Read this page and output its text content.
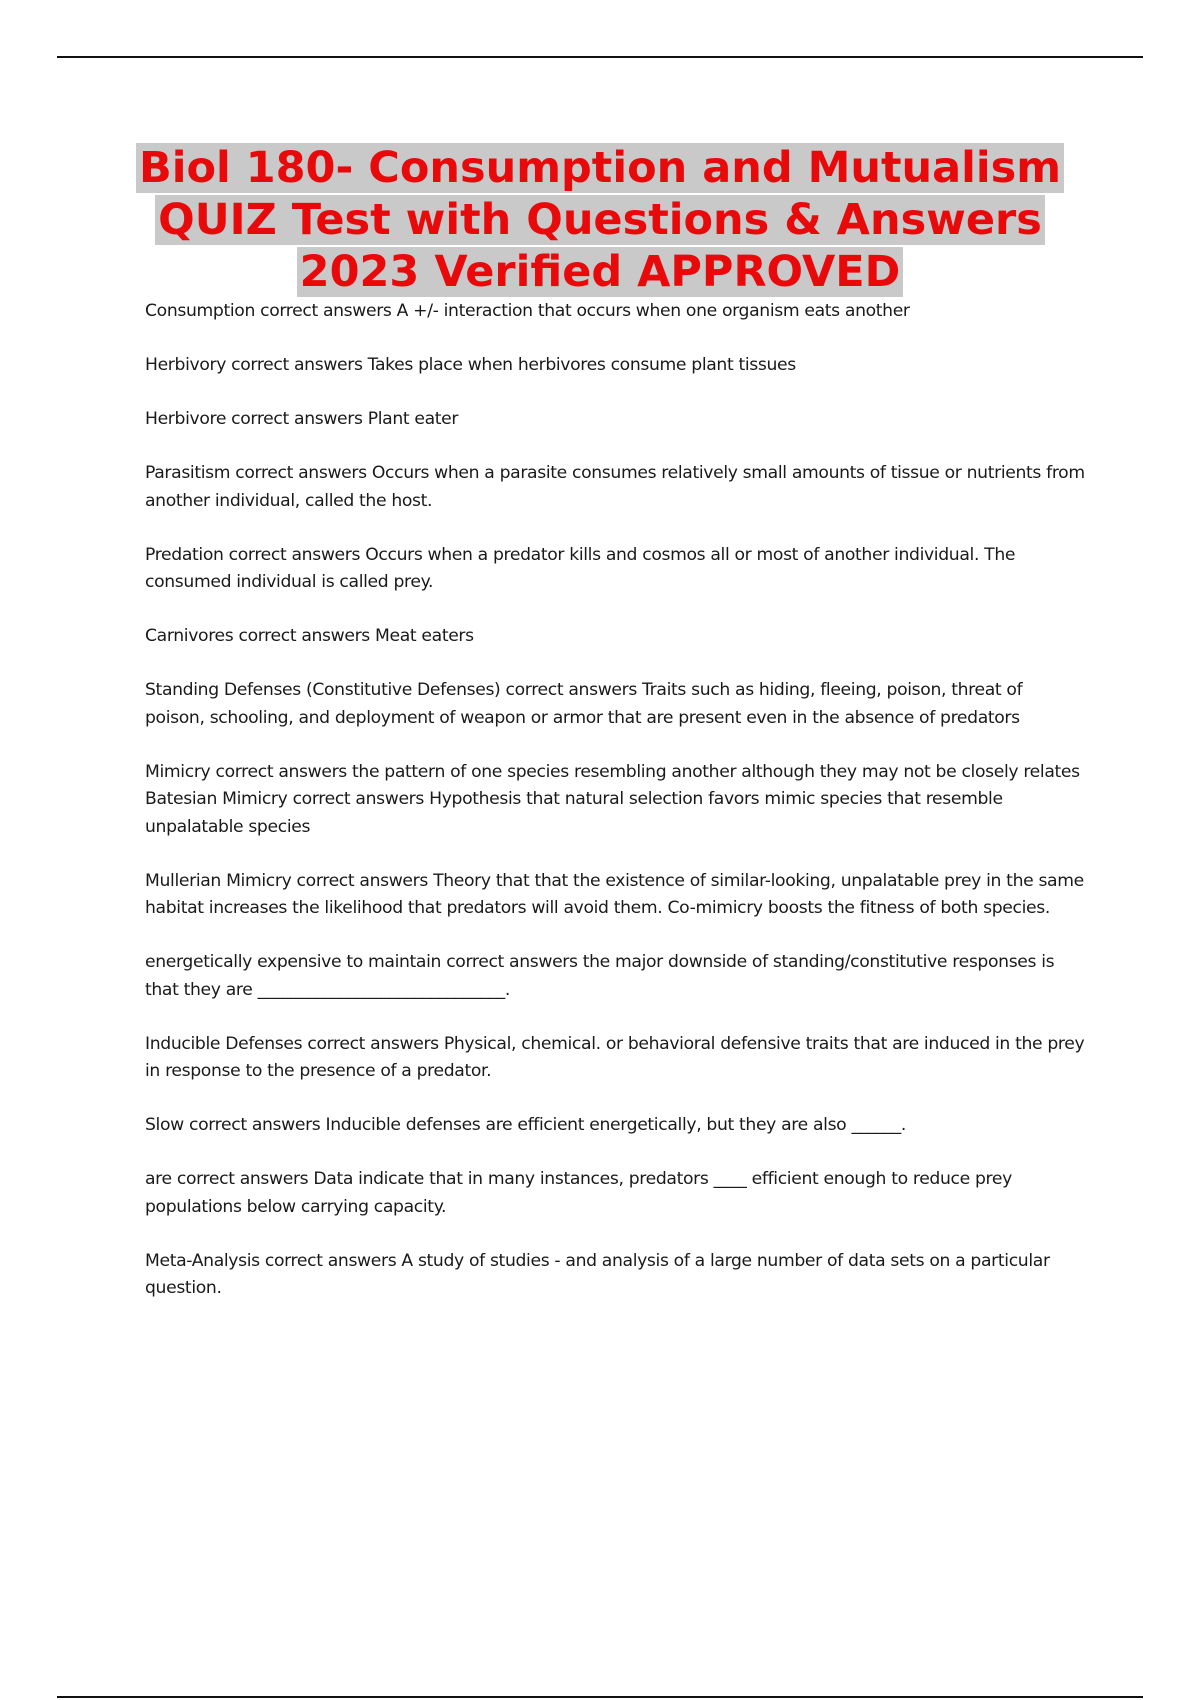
Biol 180- Consumption and Mutualism QUIZ Test with Questions & Answers 2023 Verified APPROVED

Consumption correct answers A +/- interaction that occurs when one organism eats another

Herbivory correct answers Takes place when herbivores consume plant tissues

Herbivore correct answers Plant eater

Parasitism correct answers Occurs when a parasite consumes relatively small amounts of tissue or nutrients from another individual, called the host.

Predation correct answers Occurs when a predator kills and cosmos all or most of another individual. The consumed individual is called prey.

Carnivores correct answers Meat eaters

Standing Defenses (Constitutive Defenses) correct answers Traits such as hiding, fleeing, poison, threat of poison, schooling, and deployment of weapon or armor that are present even in the absence of predators

Mimicry correct answers the pattern of one species resembling another although they may not be closely relates

Batesian Mimicry correct answers Hypothesis that natural selection favors mimic species that resemble unpalatable species

Mullerian Mimicry correct answers Theory that that the existence of similar-looking, unpalatable prey in the same habitat increases the likelihood that predators will avoid them. Co-mimicry boosts the fitness of both species.

energetically expensive to maintain correct answers the major downside of standing/constitutive responses is that they are ______________________________.

Inducible Defenses correct answers Physical, chemical. or behavioral defensive traits that are induced in the prey in response to the presence of a predator.

Slow correct answers Inducible defenses are efficient energetically, but they are also ______.

are correct answers Data indicate that in many instances, predators ____ efficient enough to reduce prey populations below carrying capacity.

Meta-Analysis correct answers A study of studies - and analysis of a large number of data sets on a particular question.
